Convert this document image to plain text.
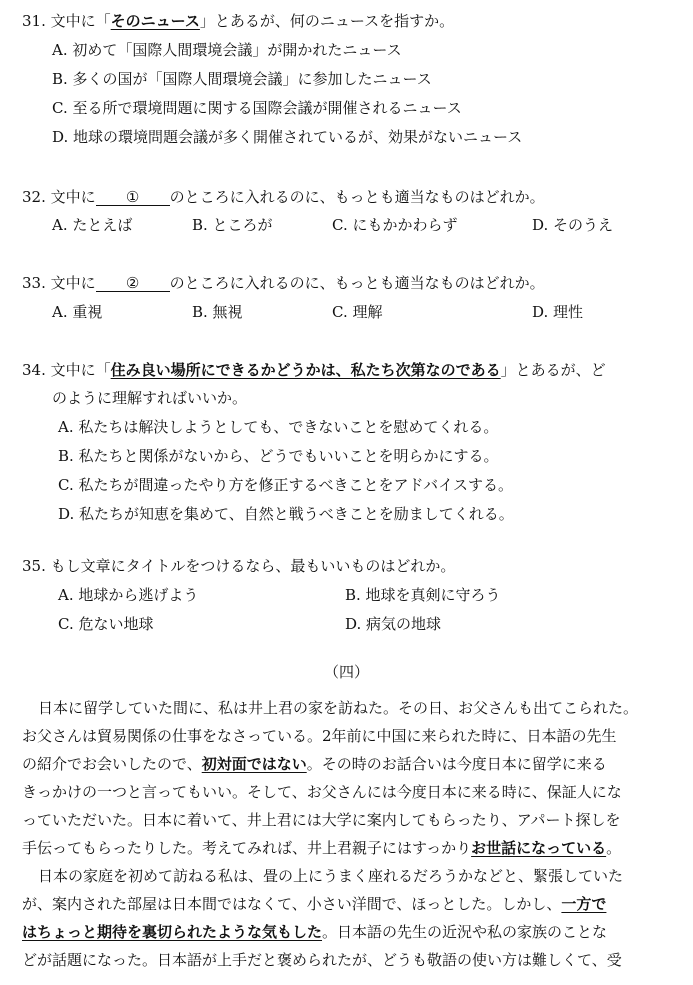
31. 文中に「そのニュース」とあるが、何のニュースを指すか。
A. 初めて「国際人間環境会議」が開かれたニュース
B. 多くの国が「国際人間環境会議」に参加したニュース
C. 至る所で環境問題に関する国際会議が開催されるニュース
D. 地球の環境問題会議が多く開催されているが、効果がないニュース
32. 文中に ① のところに入れるのに、もっとも適当なものはどれか。
A. たとえば	B. ところが	C. にもかかわらず	D. そのうえ
33. 文中に ② のところに入れるのに、もっとも適当なものはどれか。
A. 重視	B. 無視	C. 理解	D. 理性
34. 文中に「住み良い場所にできるかどうかは、私たち次第なのである」とあるが、ど
のように理解すればいいか。
A. 私たちは解決しようとしても、できないことを慰めてくれる。
B. 私たちと関係がないから、どうでもいいことを明らかにする。
C. 私たちが間違ったやり方を修正するべきことをアドバイスする。
D. 私たちが知恵を集めて、自然と戦うべきことを励ましてくれる。
35. もし文章にタイトルをつけるなら、最もいいものはどれか。
A. 地球から逃げよう	B. 地球を真剣に守ろう
C. 危ない地球	D. 病気の地球
（四）
日本に留学していた間に、私は井上君の家を訪ねた。その日、お父さんも出てこられた。
お父さんは貿易関係の仕事をなさっている。2年前に中国に来られた時に、日本語の先生
の紹介でお会いしたので、初対面ではない。その時のお話合いは今度日本に留学に来る
きっかけの一つと言ってもいい。そして、お父さんには今度日本に来る時に、保証人にな
っていただいた。日本に着いて、井上君には大学に案内してもらったり、アパート探しを
手伝ってもらったりした。考えてみれば、井上君親子にはすっかりお世話になっている。
日本の家庭を初めて訪ねる私は、畳の上にうまく座れるだろうかなどと、緊張していた
が、案内された部屋は日本間ではなくて、小さい洋間で、ほっとした。しかし、一方で
はちょっと期待を裏切られたような気もした。日本語の先生の近況や私の家族のことな
どが話題になった。日本語が上手だと褒められたが、どうも敬語の使い方は難しくて、受
